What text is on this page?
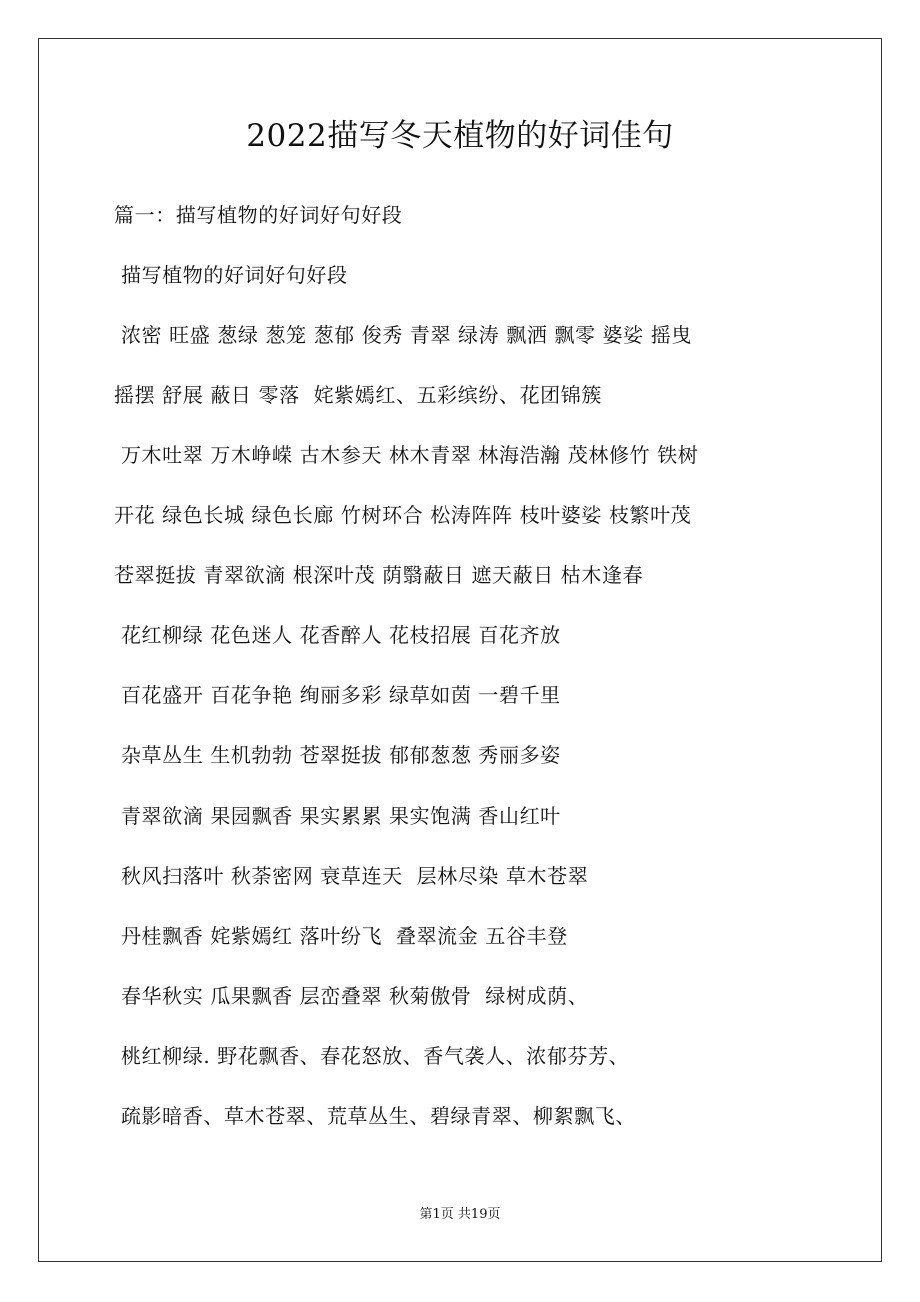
2022描写冬天植物的好词佳句
篇一：描写植物的好词好句好段
描写植物的好词好句好段
浓密 旺盛 葱绿 葱笼 葱郁 俊秀 青翠 绿涛 飘洒 飘零 婆娑 摇曳
摇摆 舒展 蔽日 零落  姹紫嫣红、五彩缤纷、花团锦簇
万木吐翠 万木峥嵘 古木参天 林木青翠 林海浩瀚 茂林修竹 铁树
开花 绿色长城 绿色长廊 竹树环合 松涛阵阵 枝叶婆娑 枝繁叶茂
苍翠挺拔 青翠欲滴 根深叶茂 荫翳蔽日 遮天蔽日 枯木逢春
花红柳绿 花色迷人 花香醉人 花枝招展 百花齐放
百花盛开 百花争艳 绚丽多彩 绿草如茵 一碧千里
杂草丛生 生机勃勃 苍翠挺拔 郁郁葱葱 秀丽多姿
青翠欲滴 果园飘香 果实累累 果实饱满 香山红叶
秋风扫落叶 秋荼密网 衰草连天  层林尽染 草木苍翠
丹桂飘香 姹紫嫣红 落叶纷飞  叠翠流金 五谷丰登
春华秋实 瓜果飘香 层峦叠翠 秋菊傲骨  绿树成荫、
桃红柳绿. 野花飘香、春花怒放、香气袭人、浓郁芬芳、
疏影暗香、草木苍翠、荒草丛生、碧绿青翠、柳絮飘飞、
第1页 共19页
